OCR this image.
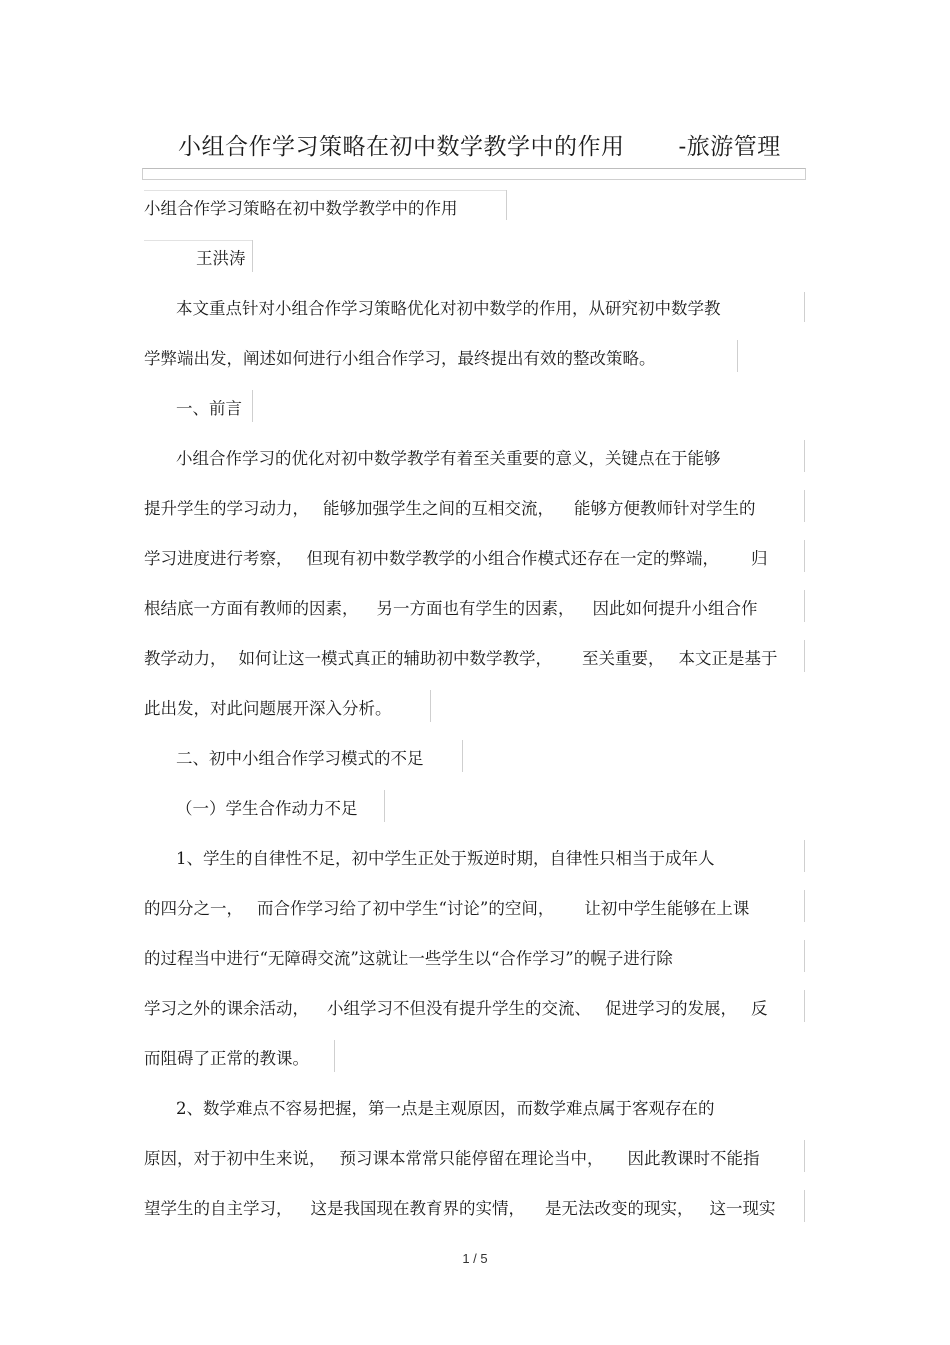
小组合作学习策略在初中数学教学中的作用 -旅游管理
小组合作学习策略在初中数学教学中的作用
王洪涛
本文重点针对小组合作学习策略优化对初中数学的作用，从研究初中数学教
学弊端出发，阐述如何进行小组合作学习，最终提出有效的整改策略。
一、前言
小组合作学习的优化对初中数学教学有着至关重要的意义，关键点在于能够
提升学生的学习动力， 能够加强学生之间的互相交流， 能够方便教师针对学生的
学习进度进行考察， 但现有初中数学教学的小组合作模式还存在一定的弊端， 归
根结底一方面有教师的因素， 另一方面也有学生的因素， 因此如何提升小组合作
教学动力， 如何让这一模式真正的辅助初中数学教学， 至关重要， 本文正是基于
此出发，对此问题展开深入分析。
二、初中小组合作学习模式的不足
（一）学生合作动力不足
1、学生的自律性不足，初中学生正处于叛逆时期，自律性只相当于成年人
的四分之一， 而合作学习给了初中学生“讨论”的空间， 让初中学生能够在上课
的过程当中进行“无障碍交流”这就让一些学生以“合作学习”的幌子进行除
学习之外的课余活动， 小组学习不但没有提升学生的交流、 促进学习的发展， 反
而阻碍了正常的教课。
2、数学难点不容易把握，第一点是主观原因，而数学难点属于客观存在的
原因，对于初中生来说， 预习课本常常只能停留在理论当中， 因此教课时不能指
望学生的自主学习， 这是我国现在教育界的实情， 是无法改变的现实， 这一现实
1 / 5
